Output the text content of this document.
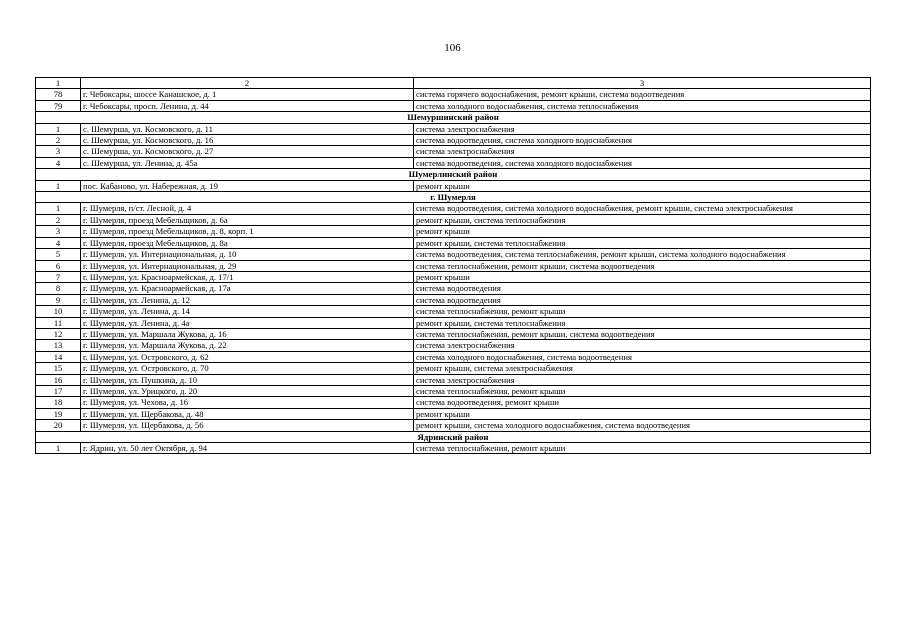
106
1	2	3
78	г. Чебоксары, шоссе Канашское, д. 1	система горячего водоснабжения, ремонт крыши, система водоотведения
79	г. Чебоксары, просп. Ленина, д. 44	система холодного водоснабжения, система теплоснабжения
Шемуршинский район		
1	с. Шемурша, ул. Космовского, д. 11	система электроснабжения
2	с. Шемурша, ул. Космовского, д. 16	система водоотведения, система холодного водоснабжения
3	с. Шемурша, ул. Космовского, д. 27	система электроснабжения
4	с. Шемурша, ул. Ленина, д. 45а	система водоотведения, система холодного водоснабжения
Шумерлинский район		
1	пос. Кабаново, ул. Набережная, д. 19	ремонт крыши
г. Шумерля		
1	г. Шумерля, п/ст. Лесной, д. 4	система водоотведения, система холодного водоснабжения, ремонт крыши, система электроснабжения
2	г. Шумерля, проезд Мебельщиков, д. 6а	ремонт крыши, система теплоснабжения
3	г. Шумерля, проезд Мебельщиков, д. 8, корп. 1	ремонт крыши
4	г. Шумерля, проезд Мебельщиков, д. 8а	ремонт крыши, система теплоснабжения
5	г. Шумерля, ул. Интернациональная, д. 10	система водоотведения, система теплоснабжения, ремонт крыши, система холодного водоснабжения
6	г. Шумерля, ул. Интернациональная, д. 29	система теплоснабжения, ремонт крыши, система водоотведения
7	г. Шумерля, ул. Красноармейская, д. 17/1	ремонт крыши
8	г. Шумерля, ул. Красноармейская, д. 17а	система водоотведения
9	г. Шумерля, ул. Ленина, д. 12	система водоотведения
10	г. Шумерля, ул. Ленина, д. 14	система теплоснабжения, ремонт крыши
11	г. Шумерля, ул. Ленина, д. 4а	ремонт крыши, система теплоснабжения
12	г. Шумерля, ул. Маршала Жукова, д. 16	система теплоснабжения, ремонт крыши, система водоотведения
13	г. Шумерля, ул. Маршала Жукова, д. 22	система электроснабжения
14	г. Шумерля, ул. Островского, д. 62	система холодного водоснабжения, система водоотведения
15	г. Шумерля, ул. Островского, д. 70	ремонт крыши, система электроснабжения
16	г. Шумерля, ул. Пушкина, д. 10	система электроснабжения
17	г. Шумерля, ул. Урицкого, д. 20	система теплоснабжения, ремонт крыши
18	г. Шумерля, ул. Чехова, д. 16	система водоотведения, ремонт крыши
19	г. Шумерля, ул. Щербакова, д. 48	ремонт крыши
20	г. Шумерля, ул. Щербакова, д. 56	ремонт крыши, система холодного водоснабжения, система водоотведения
Ядринский район		
1	г. Ядрин, ул. 50 лет Октября, д. 94	система теплоснабжения, ремонт крыши
